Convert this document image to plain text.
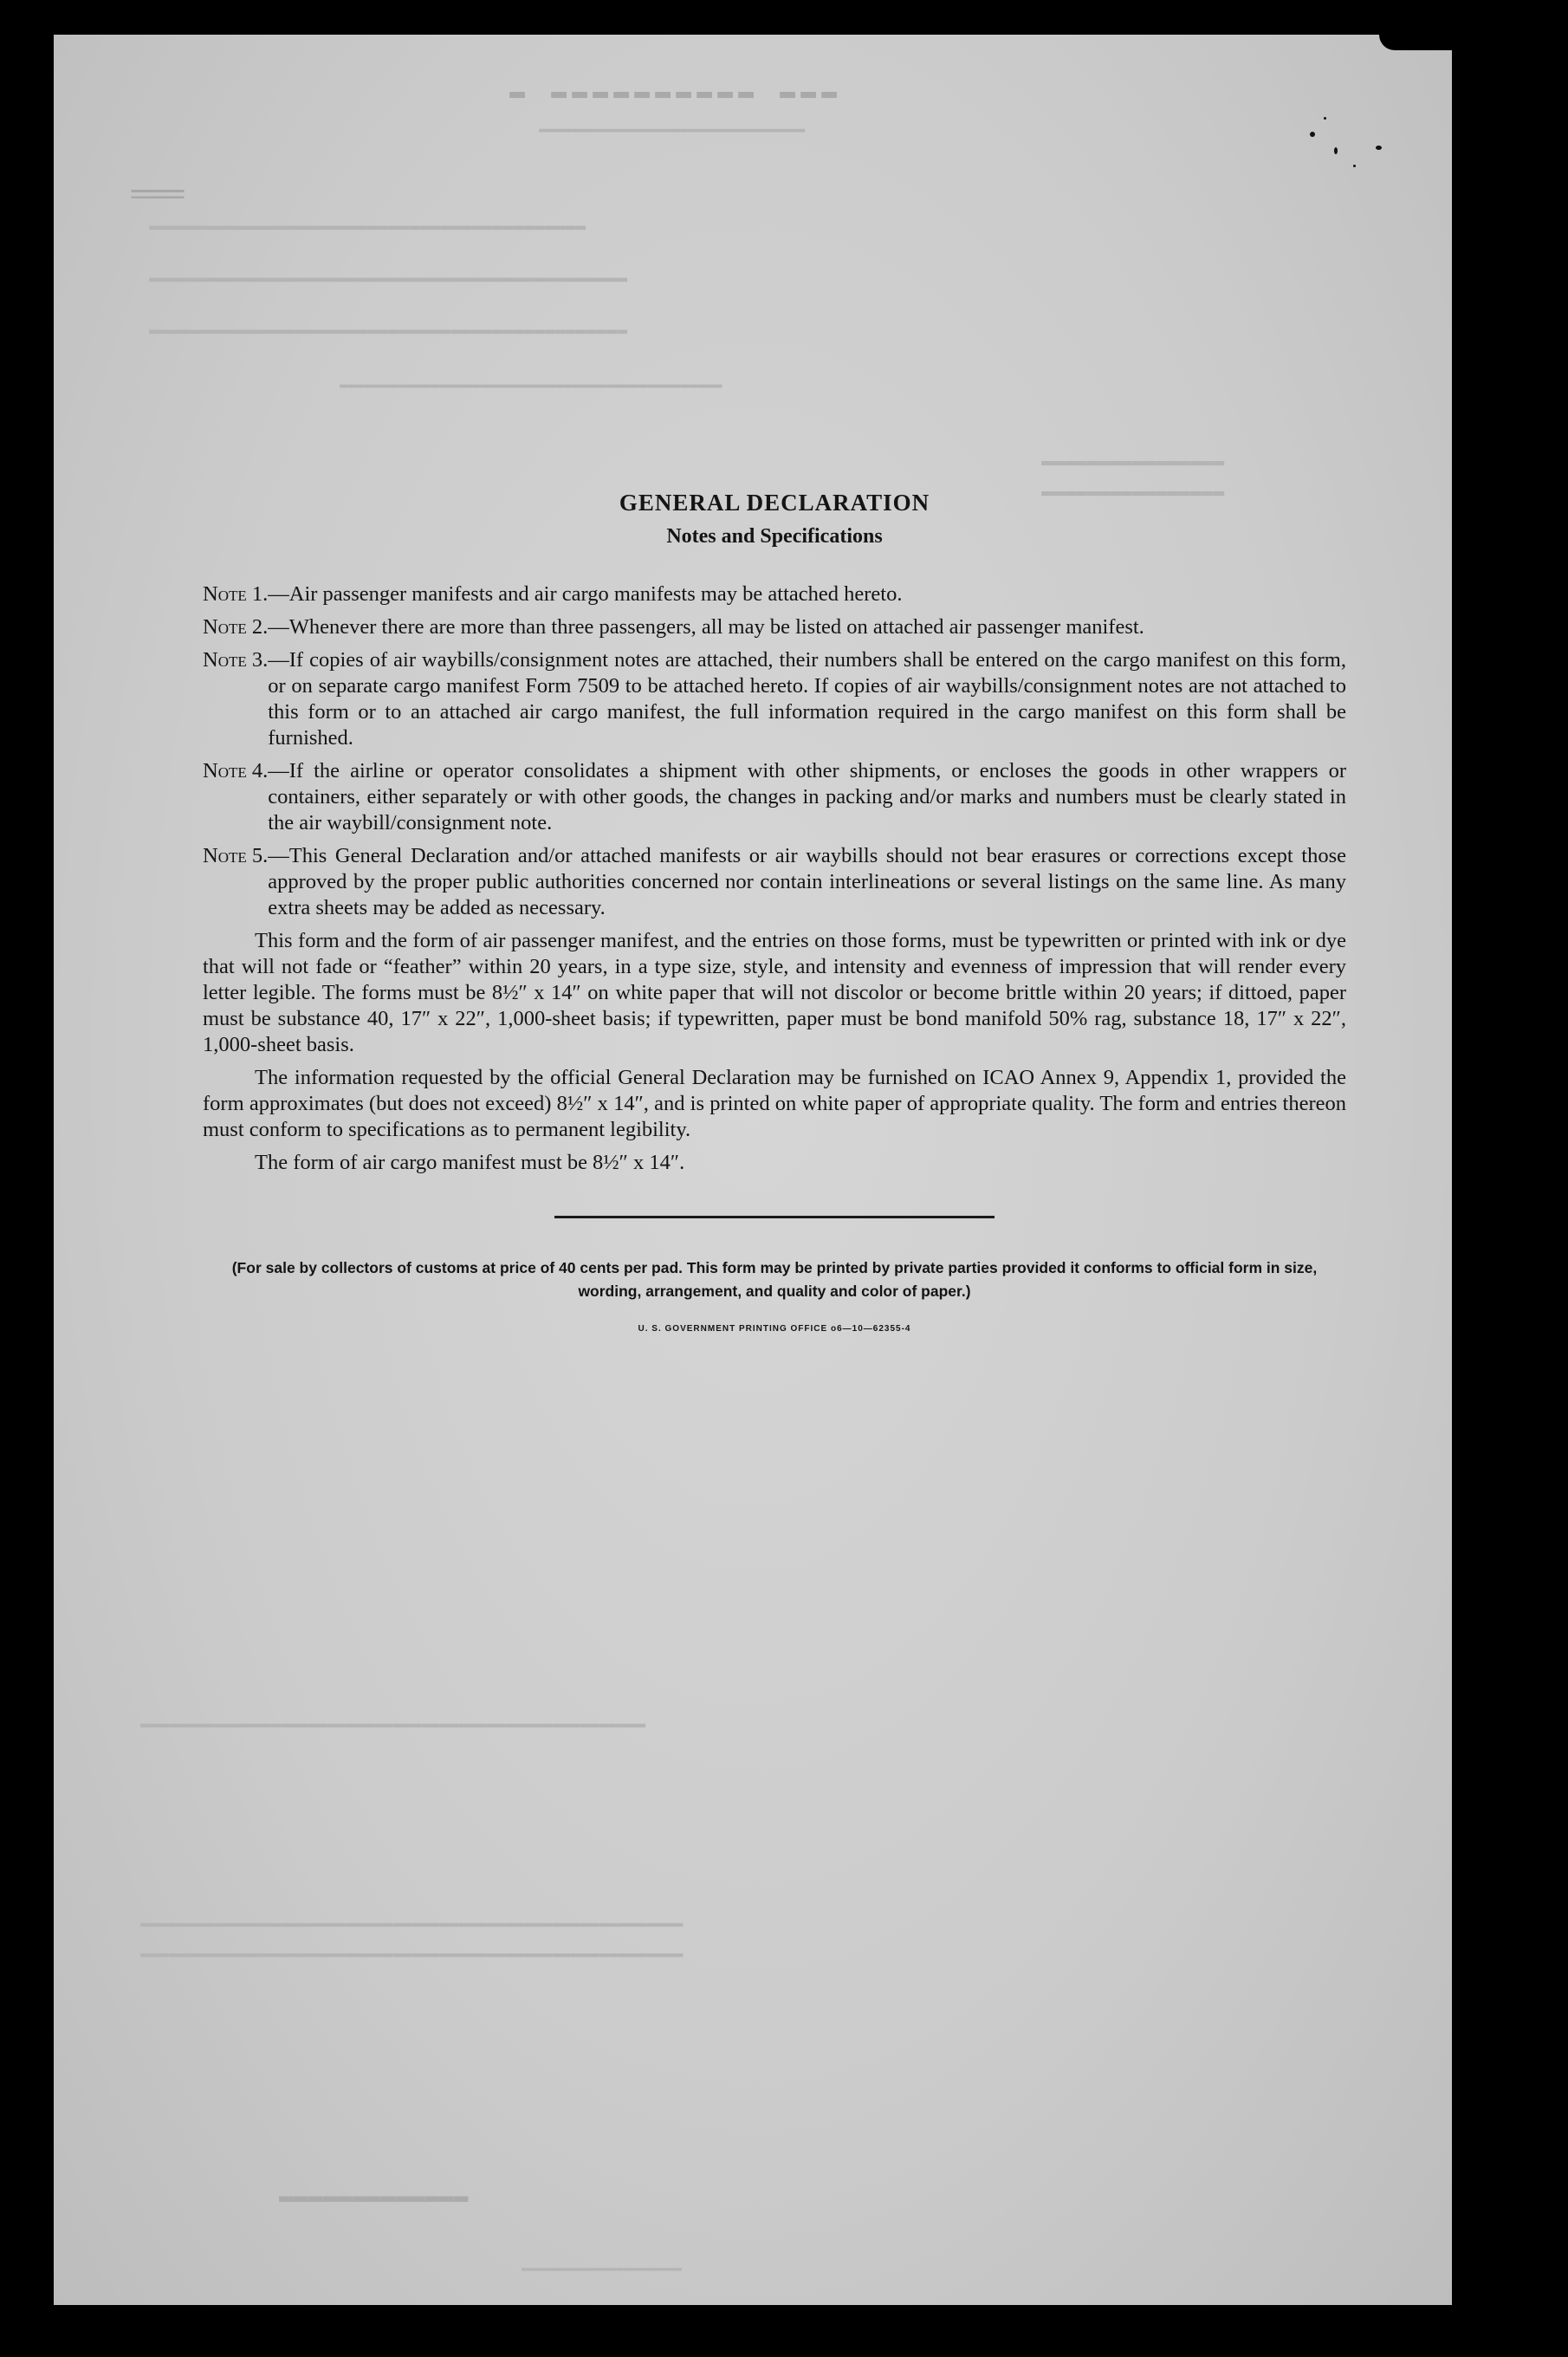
▬▬▬ ▬▬▬▬▬▬▬▬▬▬ ▬
▬▬▬▬▬▬▬▬▬▬▬▬▬▬▬▬▬▬▬▬▬▬▬▬▬▬▬▬▬▬▬▬
‗‗
▬▬▬▬▬▬▬▬▬▬▬▬▬▬▬▬▬▬▬▬▬▬▬▬▬▬▬▬▬▬▬▬▬▬▬▬▬▬▬▬▬▬
▬▬▬▬▬▬▬▬▬▬▬▬▬▬▬▬▬▬▬▬▬▬▬▬▬▬▬▬▬▬▬▬▬▬▬▬▬▬▬▬▬▬▬▬▬▬
▬▬▬▬▬▬▬▬▬▬▬▬▬▬▬▬▬▬▬▬▬▬▬▬▬▬▬▬▬▬▬▬▬▬▬▬▬▬▬▬▬▬▬▬▬▬
▬▬▬▬▬▬▬▬▬▬▬▬▬▬▬▬▬▬▬▬▬▬▬▬▬▬▬▬▬▬▬▬▬▬▬▬▬▬▬▬▬▬▬▬▬▬
▬▬▬▬▬▬▬▬▬▬▬▬▬▬▬▬
▬▬▬▬▬▬▬▬▬▬▬▬▬▬▬▬
▬▬▬▬▬▬▬▬▬▬▬▬▬▬▬▬▬▬▬▬▬▬▬▬▬▬▬▬▬▬▬▬▬▬▬▬▬▬▬▬▬▬▬▬▬▬▬▬▬▬▬▬▬▬
▬▬▬▬▬▬▬▬▬▬▬▬▬▬▬▬▬▬▬▬▬▬▬▬▬▬▬▬▬▬▬▬▬▬▬▬▬▬▬▬▬▬▬▬▬▬▬▬▬▬▬▬▬▬▬▬▬▬
▬▬▬▬▬▬▬▬▬▬▬▬▬▬▬▬▬▬▬▬▬▬▬▬▬▬▬▬▬▬▬▬▬▬▬▬▬▬▬▬▬▬▬▬▬▬▬▬▬▬▬▬▬▬▬▬▬▬
▬▬▬▬▬▬▬▬▬▬▬▬▬
▬▬▬▬▬▬▬▬▬▬▬▬▬▬▬▬▬▬▬▬▬▬
GENERAL DECLARATION
Notes and Specifications
Note 1. —Air passenger manifests and air cargo manifests may be attached hereto.
Note 2. —Whenever there are more than three passengers, all may be listed on attached air passenger manifest.
Note 3. —If copies of air waybills/consignment notes are attached, their numbers shall be entered on the cargo manifest on this form, or on separate cargo manifest Form 7509 to be attached hereto. If copies of air waybills/consignment notes are not attached to this form or to an attached air cargo manifest, the full information required in the cargo manifest on this form shall be furnished.
Note 4. —If the airline or operator consolidates a shipment with other shipments, or encloses the goods in other wrappers or containers, either separately or with other goods, the changes in packing and/or marks and numbers must be clearly stated in the air waybill/consignment note.
Note 5. —This General Declaration and/or attached manifests or air waybills should not bear erasures or corrections except those approved by the proper public authorities concerned nor contain interlineations or several listings on the same line. As many extra sheets may be added as necessary.

This form and the form of air passenger manifest, and the entries on those forms, must be typewritten or printed with ink or dye that will not fade or “feather” within 20 years, in a type size, style, and intensity and evenness of impression that will render every letter legible. The forms must be 8½″ x 14″ on white paper that will not discolor or become brittle within 20 years; if dittoed, paper must be substance 40, 17″ x 22″, 1,000-sheet basis; if typewritten, paper must be bond manifold 50% rag, substance 18, 17″ x 22″, 1,000-sheet basis.

The information requested by the official General Declaration may be furnished on ICAO Annex 9, Appendix 1, provided the form approximates (but does not exceed) 8½″ x 14″, and is printed on white paper of appropriate quality. The form and entries thereon must conform to specifications as to permanent legibility.

The form of air cargo manifest must be 8½″ x 14″.

(For sale by collectors of customs at price of 40 cents per pad. This form may be printed by private parties provided it conforms to official form in size, wording, arrangement, and quality and color of paper.)
U. S. GOVERNMENT PRINTING OFFICE o6—10—62355-4
